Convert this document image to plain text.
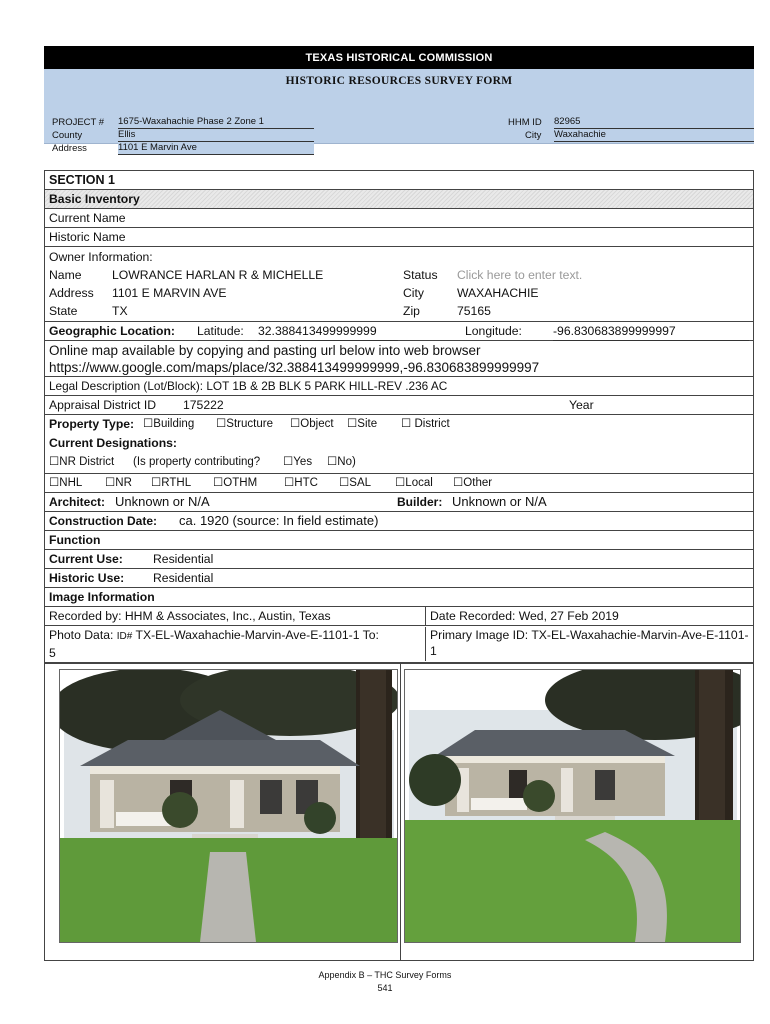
TEXAS HISTORICAL COMMISSION
HISTORIC RESOURCES SURVEY FORM
PROJECT # 1675-Waxahachie Phase 2 Zone 1
County	Ellis
Address	1101 E Marvin Ave
HHM ID 82965
City Waxahachie
SECTION 1
Basic Inventory
Current Name
Historic Name
Owner Information:
Name LOWRANCE HARLAN R & MICHELLE	Status Click here to enter text.
Address 1101 E MARVIN AVE	City	WAXAHACHIE
State	TX	Zip	75165
Geographic Location: Latitude: 32.388413499999999	Longitude:	-96.830683899999997
Online map available by copying and pasting url below into web browser
https://www.google.com/maps/place/32.388413499999999,-96.830683899999997
Legal Description (Lot/Block): LOT 1B & 2B BLK 5 PARK HILL-REV .236 AC
Appraisal District ID 175222	Year
Property Type: ☐Building ☐Structure ☐Object ☐Site ☐ District
Current Designations:
☐NR District (Is property contributing? ☐Yes ☐No)
☐NHL ☐NR ☐RTHL ☐OTHM ☐HTC ☐SAL ☐Local ☐Other
Architect: Unknown or N/A	Builder: Unknown or N/A
Construction Date: ca. 1920 (source: In field estimate)
Function
Current Use: Residential
Historic Use: Residential
Image Information
Recorded by: HHM & Associates, Inc., Austin, Texas	Date Recorded: Wed, 27 Feb 2019
Photo Data: ID# TX-EL-Waxahachie-Marvin-Ave-E-1101-1 To:
5
Primary Image ID: TX-EL-Waxahachie-Marvin-Ave-E-1101-1
Appendix B – THC Survey Forms
541
